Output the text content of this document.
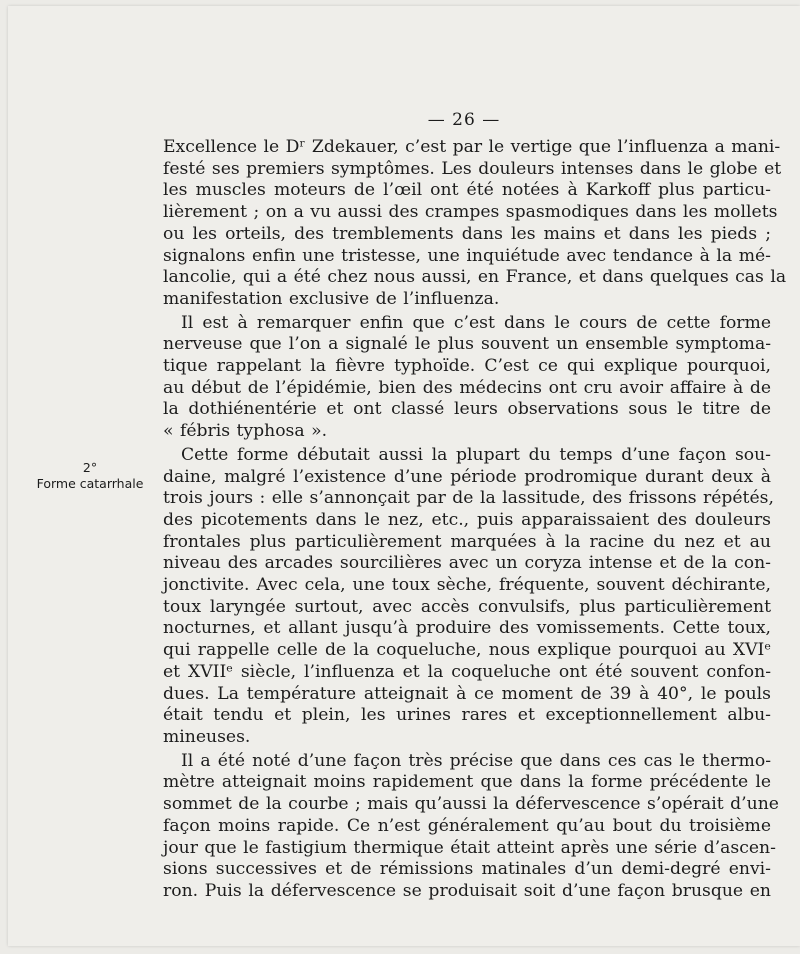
— 26 —
2°
Forme catarrhale
Excellence le Dʳ Zdekauer, c’est par le vertige que l’influenza a mani-
festé ses premiers symptômes. Les douleurs intenses dans le globe et
les muscles moteurs de l’œil ont été notées à Karkoff plus particu-
lièrement ; on a vu aussi des crampes spasmodiques dans les mollets
ou les orteils, des tremblements dans les mains et dans les pieds ;
signalons enfin une tristesse, une inquiétude avec tendance à la mé-
lancolie, qui a été chez nous aussi, en France, et dans quelques cas la
manifestation exclusive de l’influenza.
Il est à remarquer enfin que c’est dans le cours de cette forme
nerveuse que l’on a signalé le plus souvent un ensemble symptoma-
tique rappelant la fièvre typhoïde. C’est ce qui explique pourquoi,
au début de l’épidémie, bien des médecins ont cru avoir affaire à de
la dothiénentérie et ont classé leurs observations sous le titre de
« fébris typhosa ».
Cette forme débutait aussi la plupart du temps d’une façon sou-
daine, malgré l’existence d’une période prodromique durant deux à
trois jours : elle s’annonçait par de la lassitude, des frissons répétés,
des picotements dans le nez, etc., puis apparaissaient des douleurs
frontales plus particulièrement marquées à la racine du nez et au
niveau des arcades sourcilières avec un coryza intense et de la con-
jonctivite. Avec cela, une toux sèche, fréquente, souvent déchirante,
toux laryngée surtout, avec accès convulsifs, plus particulièrement
nocturnes, et allant jusqu’à produire des vomissements. Cette toux,
qui rappelle celle de la coqueluche, nous explique pourquoi au XVIᵉ
et XVIIᵉ siècle, l’influenza et la coqueluche ont été souvent confon-
dues. La température atteignait à ce moment de 39 à 40°, le pouls
était tendu et plein, les urines rares et exceptionnellement albu-
mineuses.
Il a été noté d’une façon très précise que dans ces cas le thermo-
mètre atteignait moins rapidement que dans la forme précédente le
sommet de la courbe ; mais qu’aussi la défervescence s’opérait d’une
façon moins rapide. Ce n’est généralement qu’au bout du troisième
jour que le fastigium thermique était atteint après une série d’ascen-
sions successives et de rémissions matinales d’un demi-degré envi-
ron. Puis la défervescence se produisait soit d’une façon brusque en
